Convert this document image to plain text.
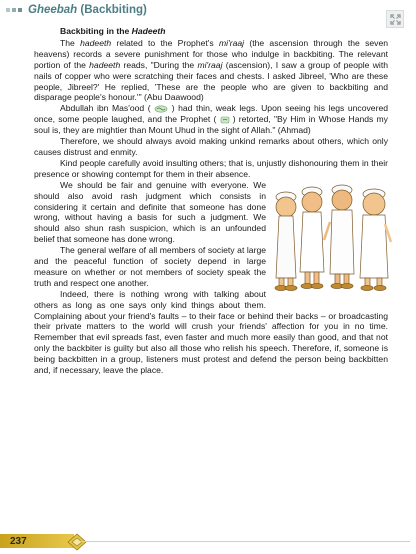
Gheebah (Backbiting)

Backbiting in the Hadeeth

The hadeeth related to the Prophet's mi'raaj (the ascension through the seven heavens) records a severe punishment for those who indulge in backbiting. The relevant portion of the hadeeth reads, "During the mi'raaj (ascension), I saw a group of people with nails of copper who were scratching their faces and chests. I asked Jibreel, 'Who are these people, Jibreel?' He replied, 'These are the people who are given to backbiting and disparage people's honour.'" (Abu Daawood)

Abdullah ibn Mas'ood (  ) had thin, weak legs. Upon seeing his legs uncovered once, some people laughed, and the Prophet (  ) retorted, "By Him in Whose Hands my soul is, they are mightier than Mount Uhud in the sight of Allah." (Ahmad)

Therefore, we should always avoid making unkind remarks about others, which only causes distrust and enmity.

Kind people carefully avoid insulting others; that is, unjustly dishonouring them in their presence or showing contempt for them in their absence.

We should be fair and genuine with everyone. We should also avoid rash judgment which consists in considering it certain and definite that someone has done wrong, without having a basis for such a judgment. We should also shun rash suspicion, which is an unfounded belief that someone has done wrong.

The general welfare of all members of society at large and the peaceful function of society depend in large measure on whether or not members of society speak the truth and respect one another.

Indeed, there is nothing wrong with talking about others as long as one says only kind things about them. Complaining about your friend's faults – to their face or behind their backs – or broadcasting their private matters to the world will crush your friends' affection for you in no time. Remember that evil spreads fast, even faster and much more easily than good, and that not only the backbiter is guilty but also all those who relish his speech. Therefore, if, someone is being backbitten in a group, listeners must protest and defend the person being backbitten and, if necessary, leave the place.

237
